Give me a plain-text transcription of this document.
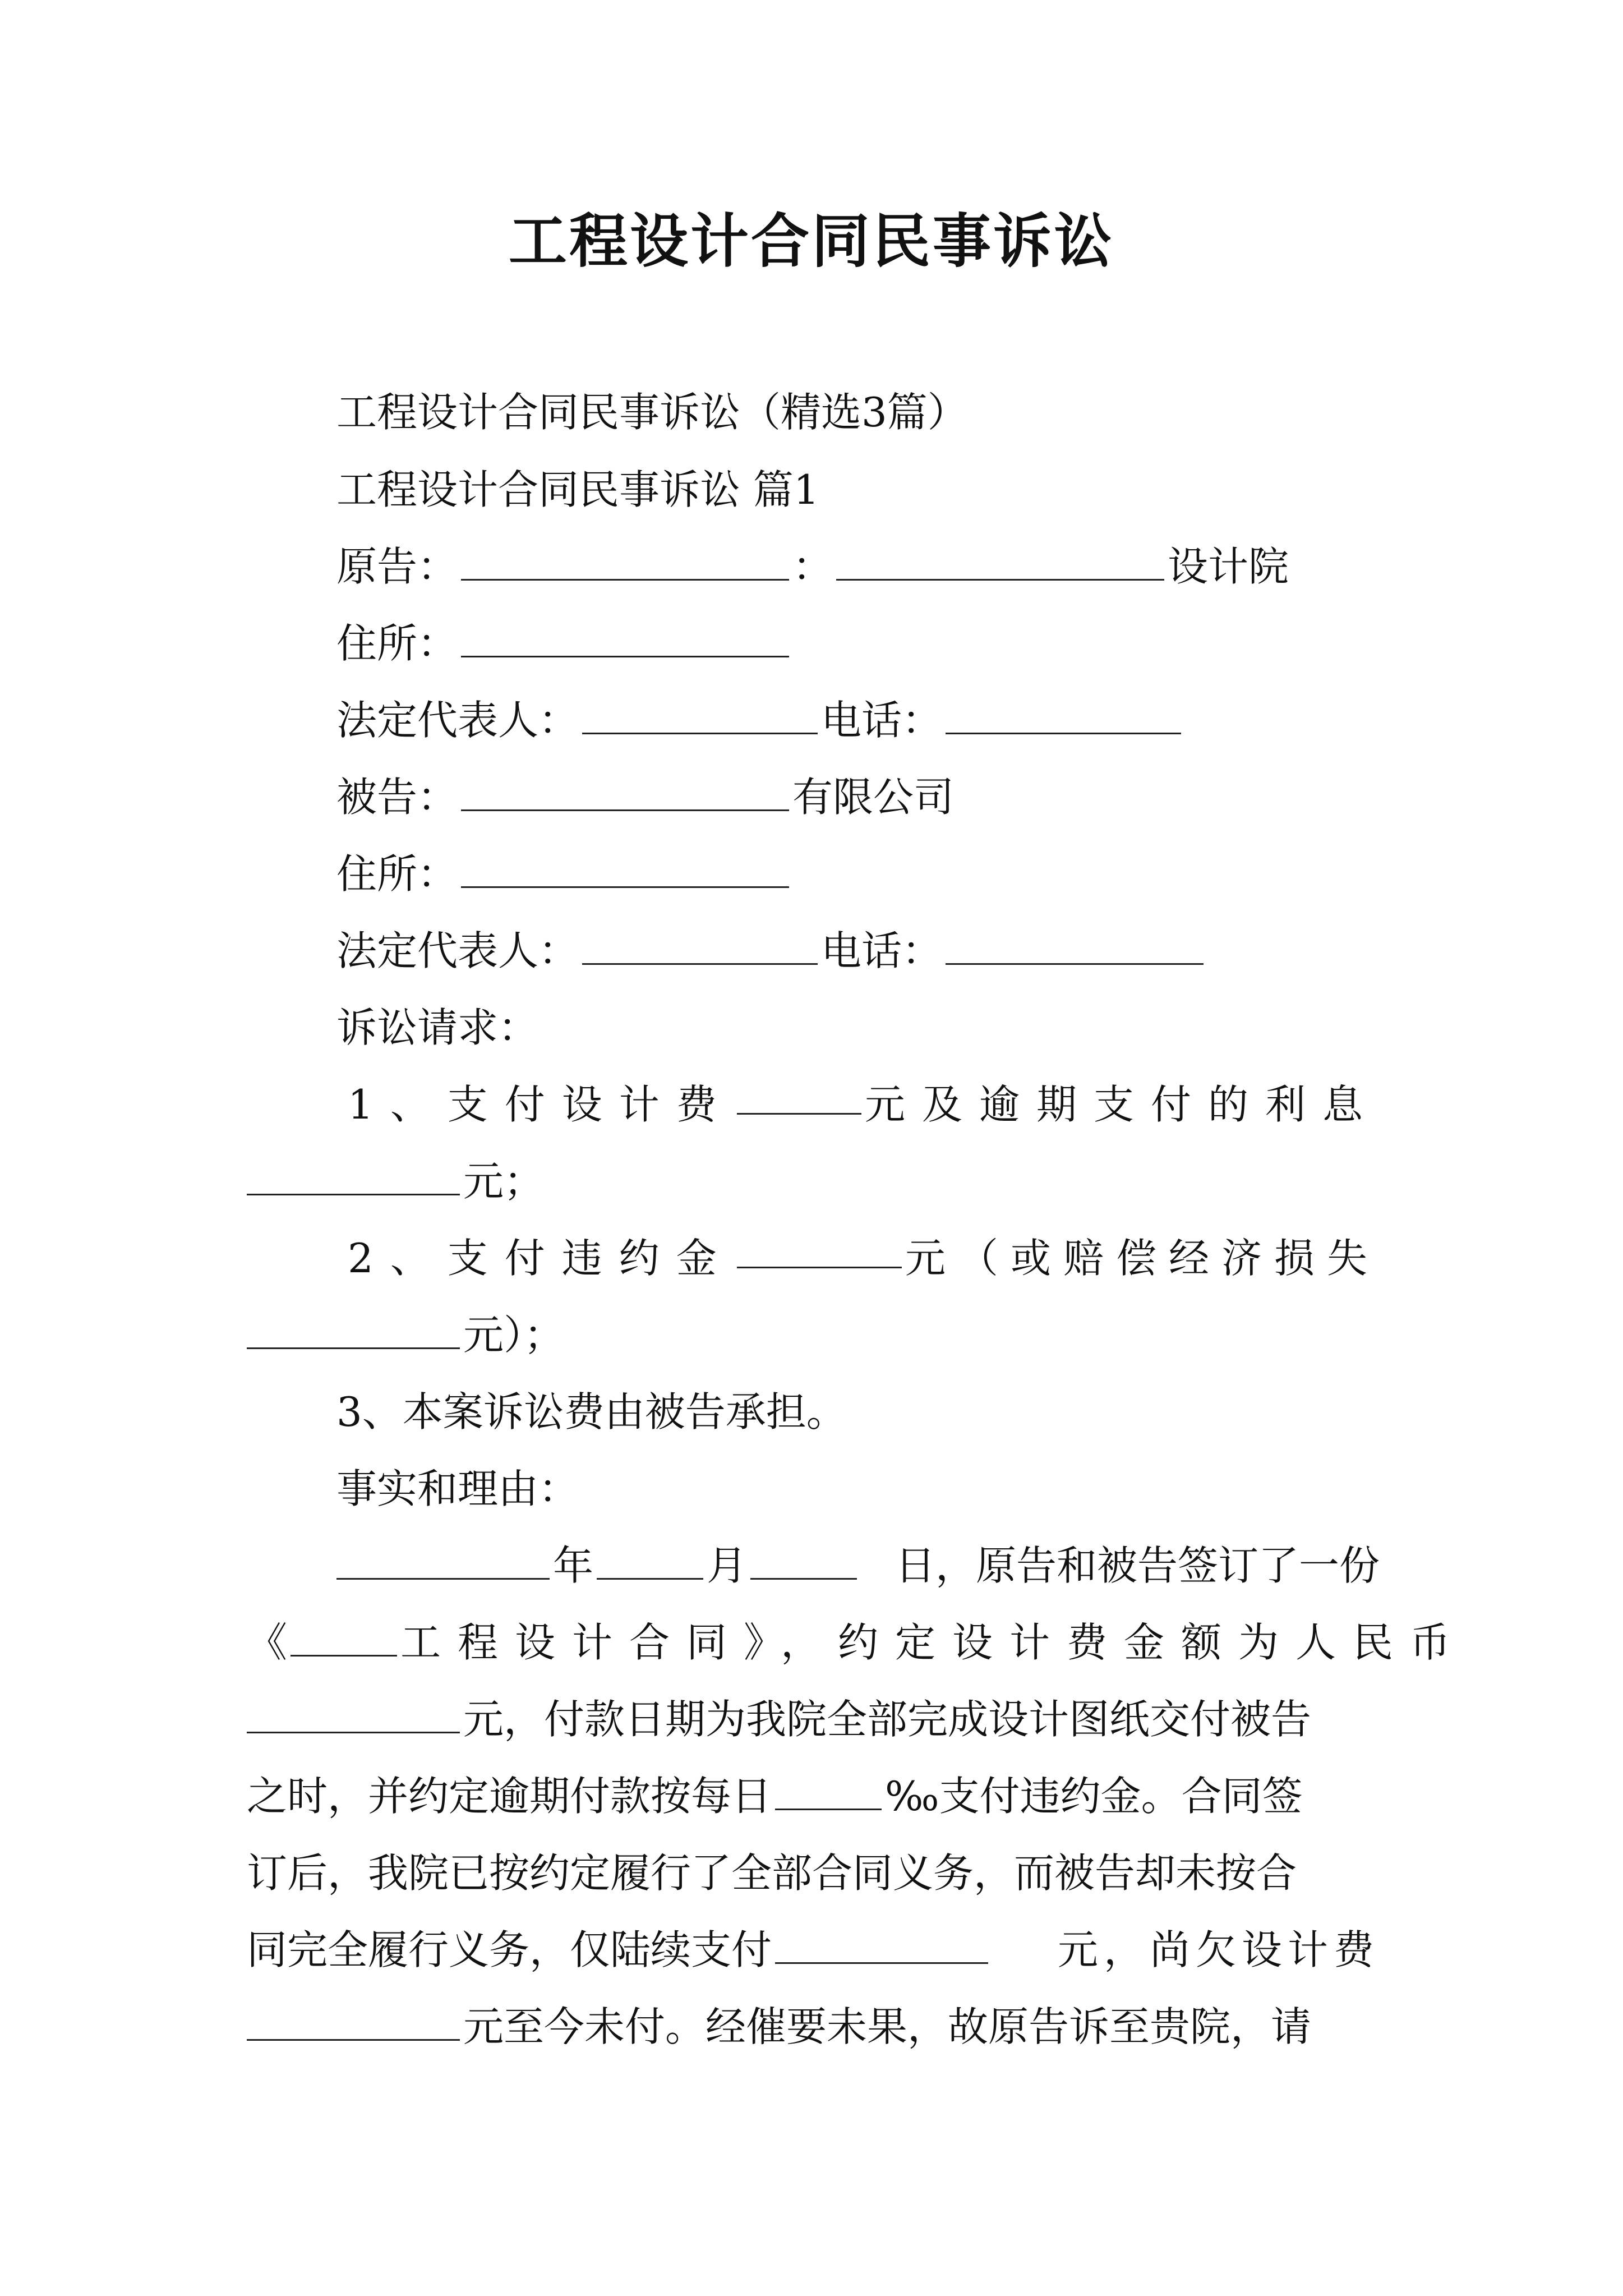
工程设计合同民事诉讼
工程设计合同民事诉讼（精选3篇）
工程设计合同民事诉讼 篇1
原告：	：	设计院
住所：
法定代表人：	电话：
被告：	有限公司
住所：
法定代表人：	电话：
诉讼请求：
1、支付设计费	元及逾期支付的利息
元；
2、支付违约金	元（或赔偿经济损失
元）；
3、本案诉讼费由被告承担。
事实和理由：
年	月	日，原告和被告签订了一份
《	工程设计合同》，约定设计费金额为人民币
元，付款日期为我院全部完成设计图纸交付被告
之时，并约定逾期付款按每日	‰支付违约金。合同签
订后，我院已按约定履行了全部合同义务，而被告却未按合
同完全履行义务，仅陆续支付	元，尚欠设计费
元至今未付。经催要未果，故原告诉至贵院，请
